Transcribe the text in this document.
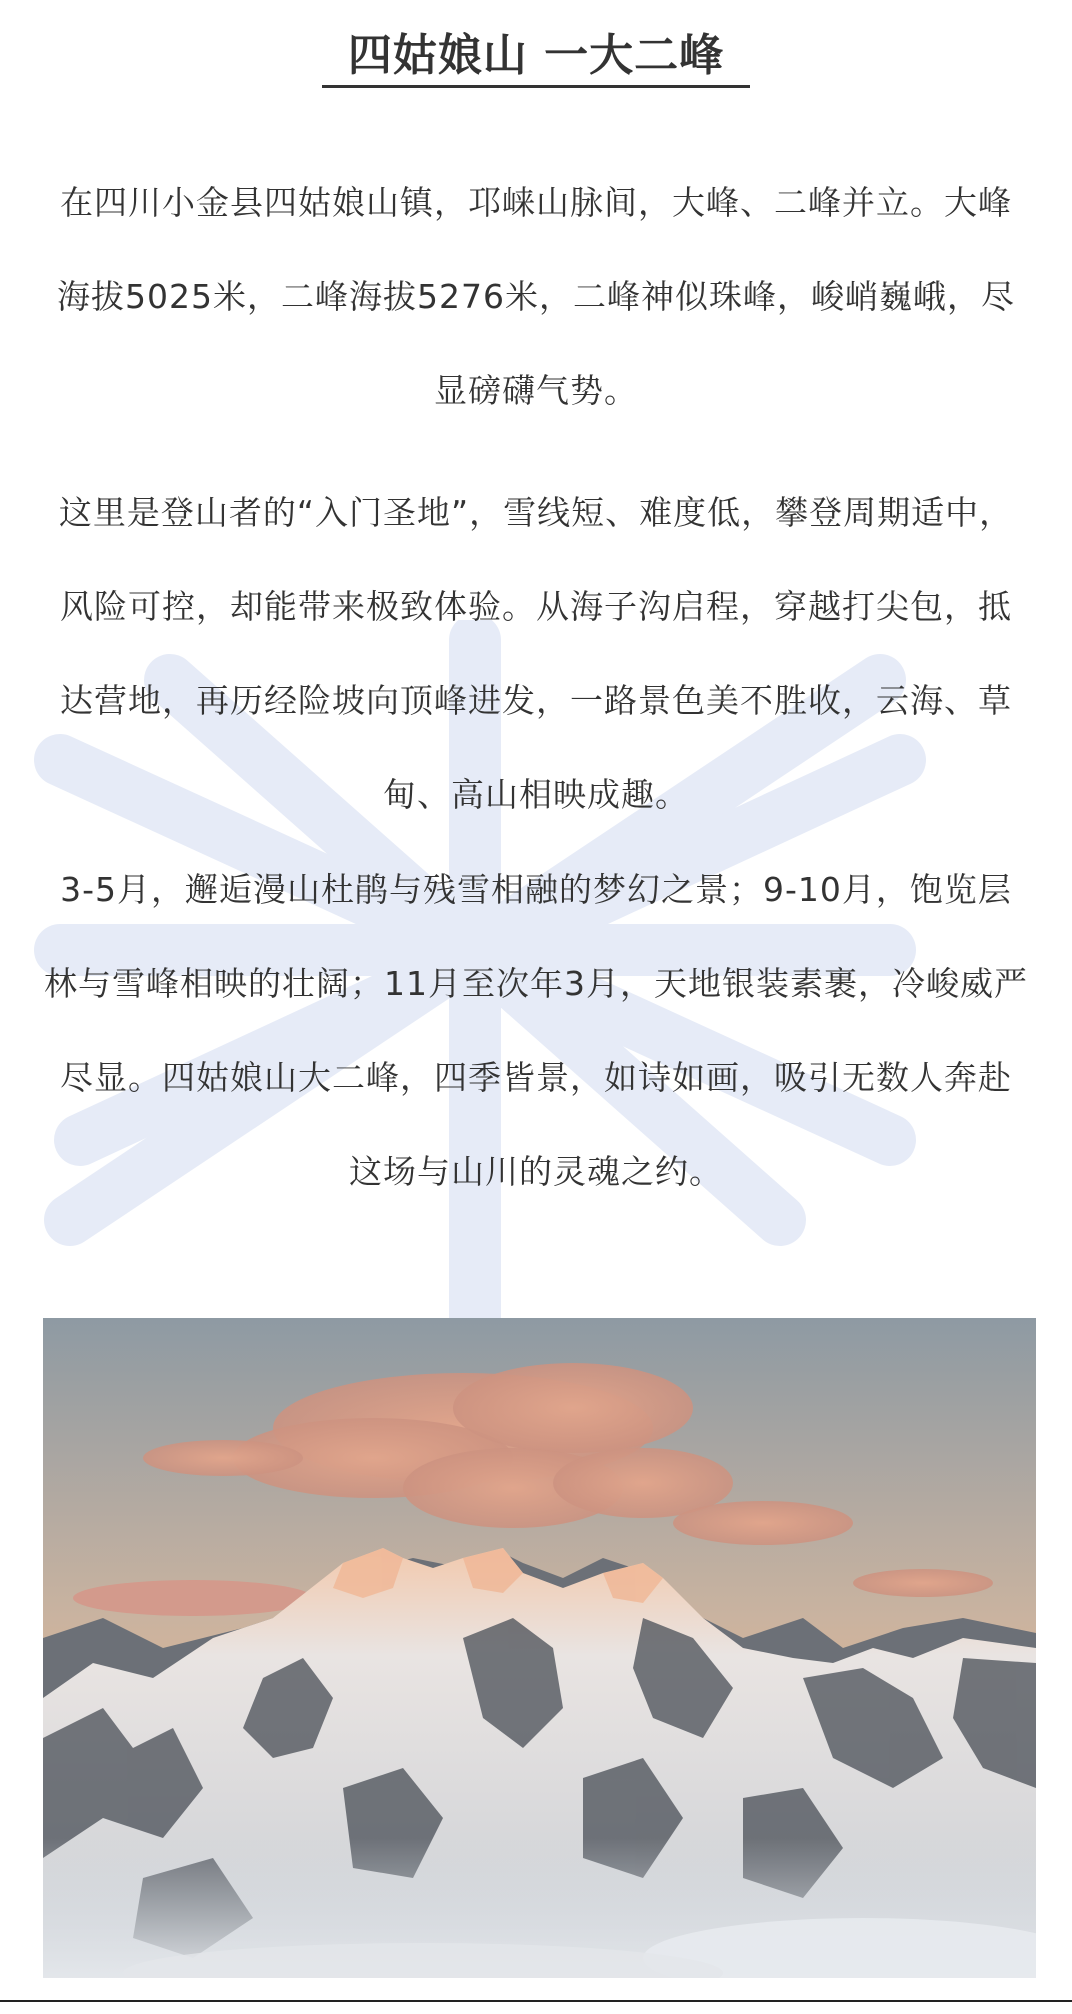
四姑娘山 一大二峰

在四川小金县四姑娘山镇，邛崃山脉间，大峰、二峰并立。大峰海拔5025米，二峰海拔5276米，二峰神似珠峰，峻峭巍峨，尽显磅礴气势。

这里是登山者的“入门圣地”，雪线短、难度低，攀登周期适中，风险可控，却能带来极致体验。从海子沟启程，穿越打尖包，抵达营地，再历经险坡向顶峰进发，一路景色美不胜收，云海、草甸、高山相映成趣。

3-5月，邂逅漫山杜鹃与残雪相融的梦幻之景；9-10月，饱览层林与雪峰相映的壮阔；11月至次年3月，天地银装素裹，冷峻威严尽显。四姑娘山大二峰，四季皆景，如诗如画，吸引无数人奔赴这场与山川的灵魂之约。
